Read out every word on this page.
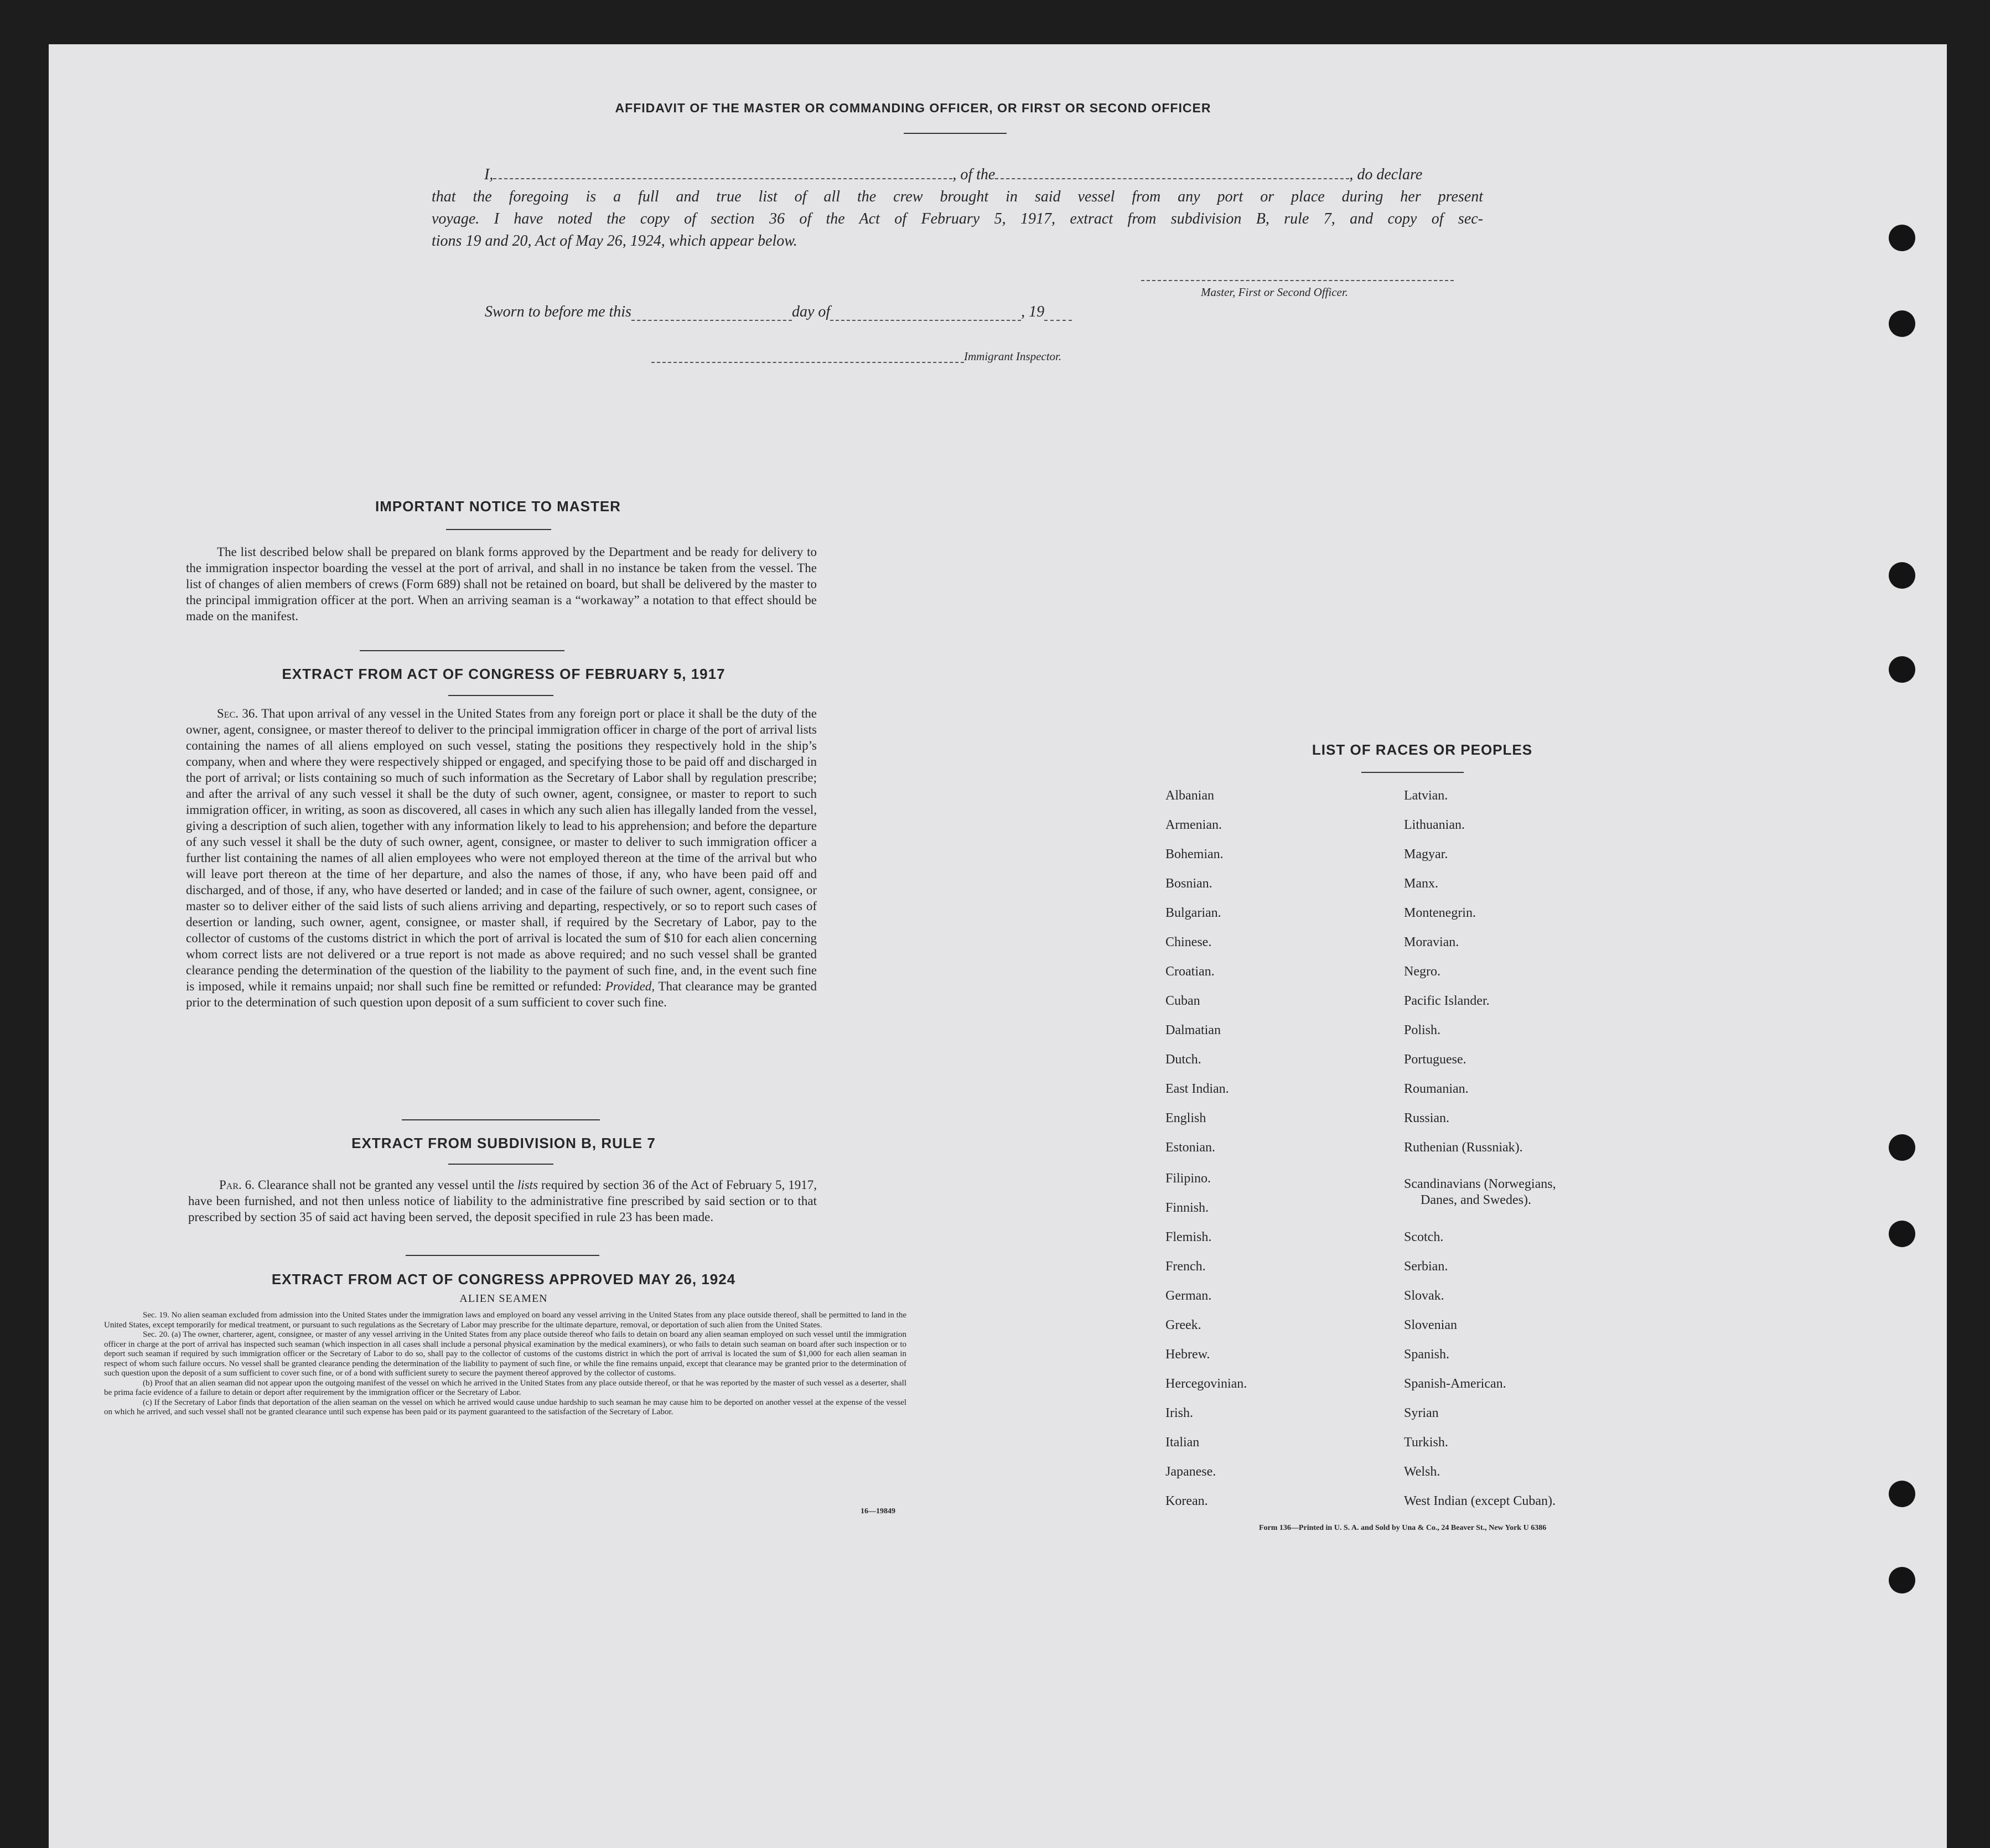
AFFIDAVIT OF THE MASTER OR COMMANDING OFFICER, OR FIRST OR SECOND OFFICER
I,	, of the	, do declare
that the foregoing is a full and true list of all the crew brought in said vessel from any port or place during her present
voyage. I have noted the copy of section 36 of the Act of February 5, 1917, extract from subdivision B, rule 7, and copy of sec-
tions 19 and 20, Act of May 26, 1924, which appear below.
Master, First or Second Officer.
Sworn to before me this	day of	, 19
Immigrant Inspector.
IMPORTANT NOTICE TO MASTER
The list described below shall be prepared on blank forms approved by the Department and be ready for delivery to the immigration inspector boarding the vessel at the port of arrival, and shall in no instance be taken from the vessel. The list of changes of alien members of crews (Form 689) shall not be retained on board, but shall be delivered by the master to the principal immigration officer at the port. When an arriving seaman is a “workaway” a notation to that effect should be made on the manifest.
EXTRACT FROM ACT OF CONGRESS OF FEBRUARY 5, 1917
Sec. 36. That upon arrival of any vessel in the United States from any foreign port or place it shall be the duty of the owner, agent, consignee, or master thereof to deliver to the principal immigration officer in charge of the port of arrival lists containing the names of all aliens employed on such vessel, stating the positions they respectively hold in the ship’s company, when and where they were respectively shipped or engaged, and specifying those to be paid off and discharged in the port of arrival; or lists containing so much of such information as the Secretary of Labor shall by regulation prescribe; and after the arrival of any such vessel it shall be the duty of such owner, agent, consignee, or master to report to such immigration officer, in writing, as soon as discovered, all cases in which any such alien has illegally landed from the vessel, giving a description of such alien, together with any information likely to lead to his apprehension; and before the departure of any such vessel it shall be the duty of such owner, agent, consignee, or master to deliver to such immigration officer a further list containing the names of all alien employees who were not employed thereon at the time of the arrival but who will leave port thereon at the time of her departure, and also the names of those, if any, who have been paid off and discharged, and of those, if any, who have deserted or landed; and in case of the failure of such owner, agent, consignee, or master so to deliver either of the said lists of such aliens arriving and departing, respectively, or so to report such cases of desertion or landing, such owner, agent, consignee, or master shall, if required by the Secretary of Labor, pay to the collector of customs of the customs district in which the port of arrival is located the sum of $10 for each alien concerning whom correct lists are not delivered or a true report is not made as above required; and no such vessel shall be granted clearance pending the determination of the question of the liability to the payment of such fine, and, in the event such fine is imposed, while it remains unpaid; nor shall such fine be remitted or refunded: Provided, That clearance may be granted prior to the determination of such question upon deposit of a sum sufficient to cover such fine.
EXTRACT FROM SUBDIVISION B, RULE 7
Par. 6. Clearance shall not be granted any vessel until the lists required by section 36 of the Act of February 5, 1917, have been furnished, and not then unless notice of liability to the administrative fine prescribed by said section or to that prescribed by section 35 of said act having been served, the deposit specified in rule 23 has been made.
EXTRACT FROM ACT OF CONGRESS APPROVED MAY 26, 1924
ALIEN SEAMEN
Sec. 19. No alien seaman excluded from admission into the United States under the immigration laws and employed on board any vessel arriving in the United States from any place outside thereof, shall be permitted to land in the United States, except temporarily for medical treatment, or pursuant to such regulations as the Secretary of Labor may prescribe for the ultimate departure, removal, or deportation of such alien from the United States.
Sec. 20. (a) The owner, charterer, agent, consignee, or master of any vessel arriving in the United States from any place outside thereof who fails to detain on board any alien seaman employed on such vessel until the immigration officer in charge at the port of arrival has inspected such seaman (which inspection in all cases shall include a personal physical examination by the medical examiners), or who fails to detain such seaman on board after such inspection or to deport such seaman if required by such immigration officer or the Secretary of Labor to do so, shall pay to the collector of customs of the customs district in which the port of arrival is located the sum of $1,000 for each alien seaman in respect of whom such failure occurs. No vessel shall be granted clearance pending the determination of the liability to payment of such fine, or while the fine remains unpaid, except that clearance may be granted prior to the determination of such question upon the deposit of a sum sufficient to cover such fine, or of a bond with sufficient surety to secure the payment thereof approved by the collector of customs.
(b) Proof that an alien seaman did not appear upon the outgoing manifest of the vessel on which he arrived in the United States from any place outside thereof, or that he was reported by the master of such vessel as a deserter, shall be prima facie evidence of a failure to detain or deport after requirement by the immigration officer or the Secretary of Labor.
(c) If the Secretary of Labor finds that deportation of the alien seaman on the vessel on which he arrived would cause undue hardship to such seaman he may cause him to be deported on another vessel at the expense of the vessel on which he arrived, and such vessel shall not be granted clearance until such expense has been paid or its payment guaranteed to the satisfaction of the Secretary of Labor.
16—19849
LIST OF RACES OR PEOPLES
Albanian
Armenian.
Bohemian.
Bosnian.
Bulgarian.
Chinese.
Croatian.
Cuban
Dalmatian
Dutch.
East Indian.
English
Estonian.
Filipino.
Finnish.
Flemish.
French.
German.
Greek.
Hebrew.
Hercegovinian.
Irish.
Italian
Japanese.
Korean.
Latvian.
Lithuanian.
Magyar.
Manx.
Montenegrin.
Moravian.
Negro.
Pacific Islander.
Polish.
Portuguese.
Roumanian.
Russian.
Ruthenian (Russniak).
Scandinavians (Norwegians,
Danes, and Swedes).
Scotch.
Serbian.
Slovak.
Slovenian
Spanish.
Spanish-American.
Syrian
Turkish.
Welsh.
West Indian (except Cuban).
Form 136—Printed in U. S. A. and Sold by Una & Co., 24 Beaver St., New York U 6386
